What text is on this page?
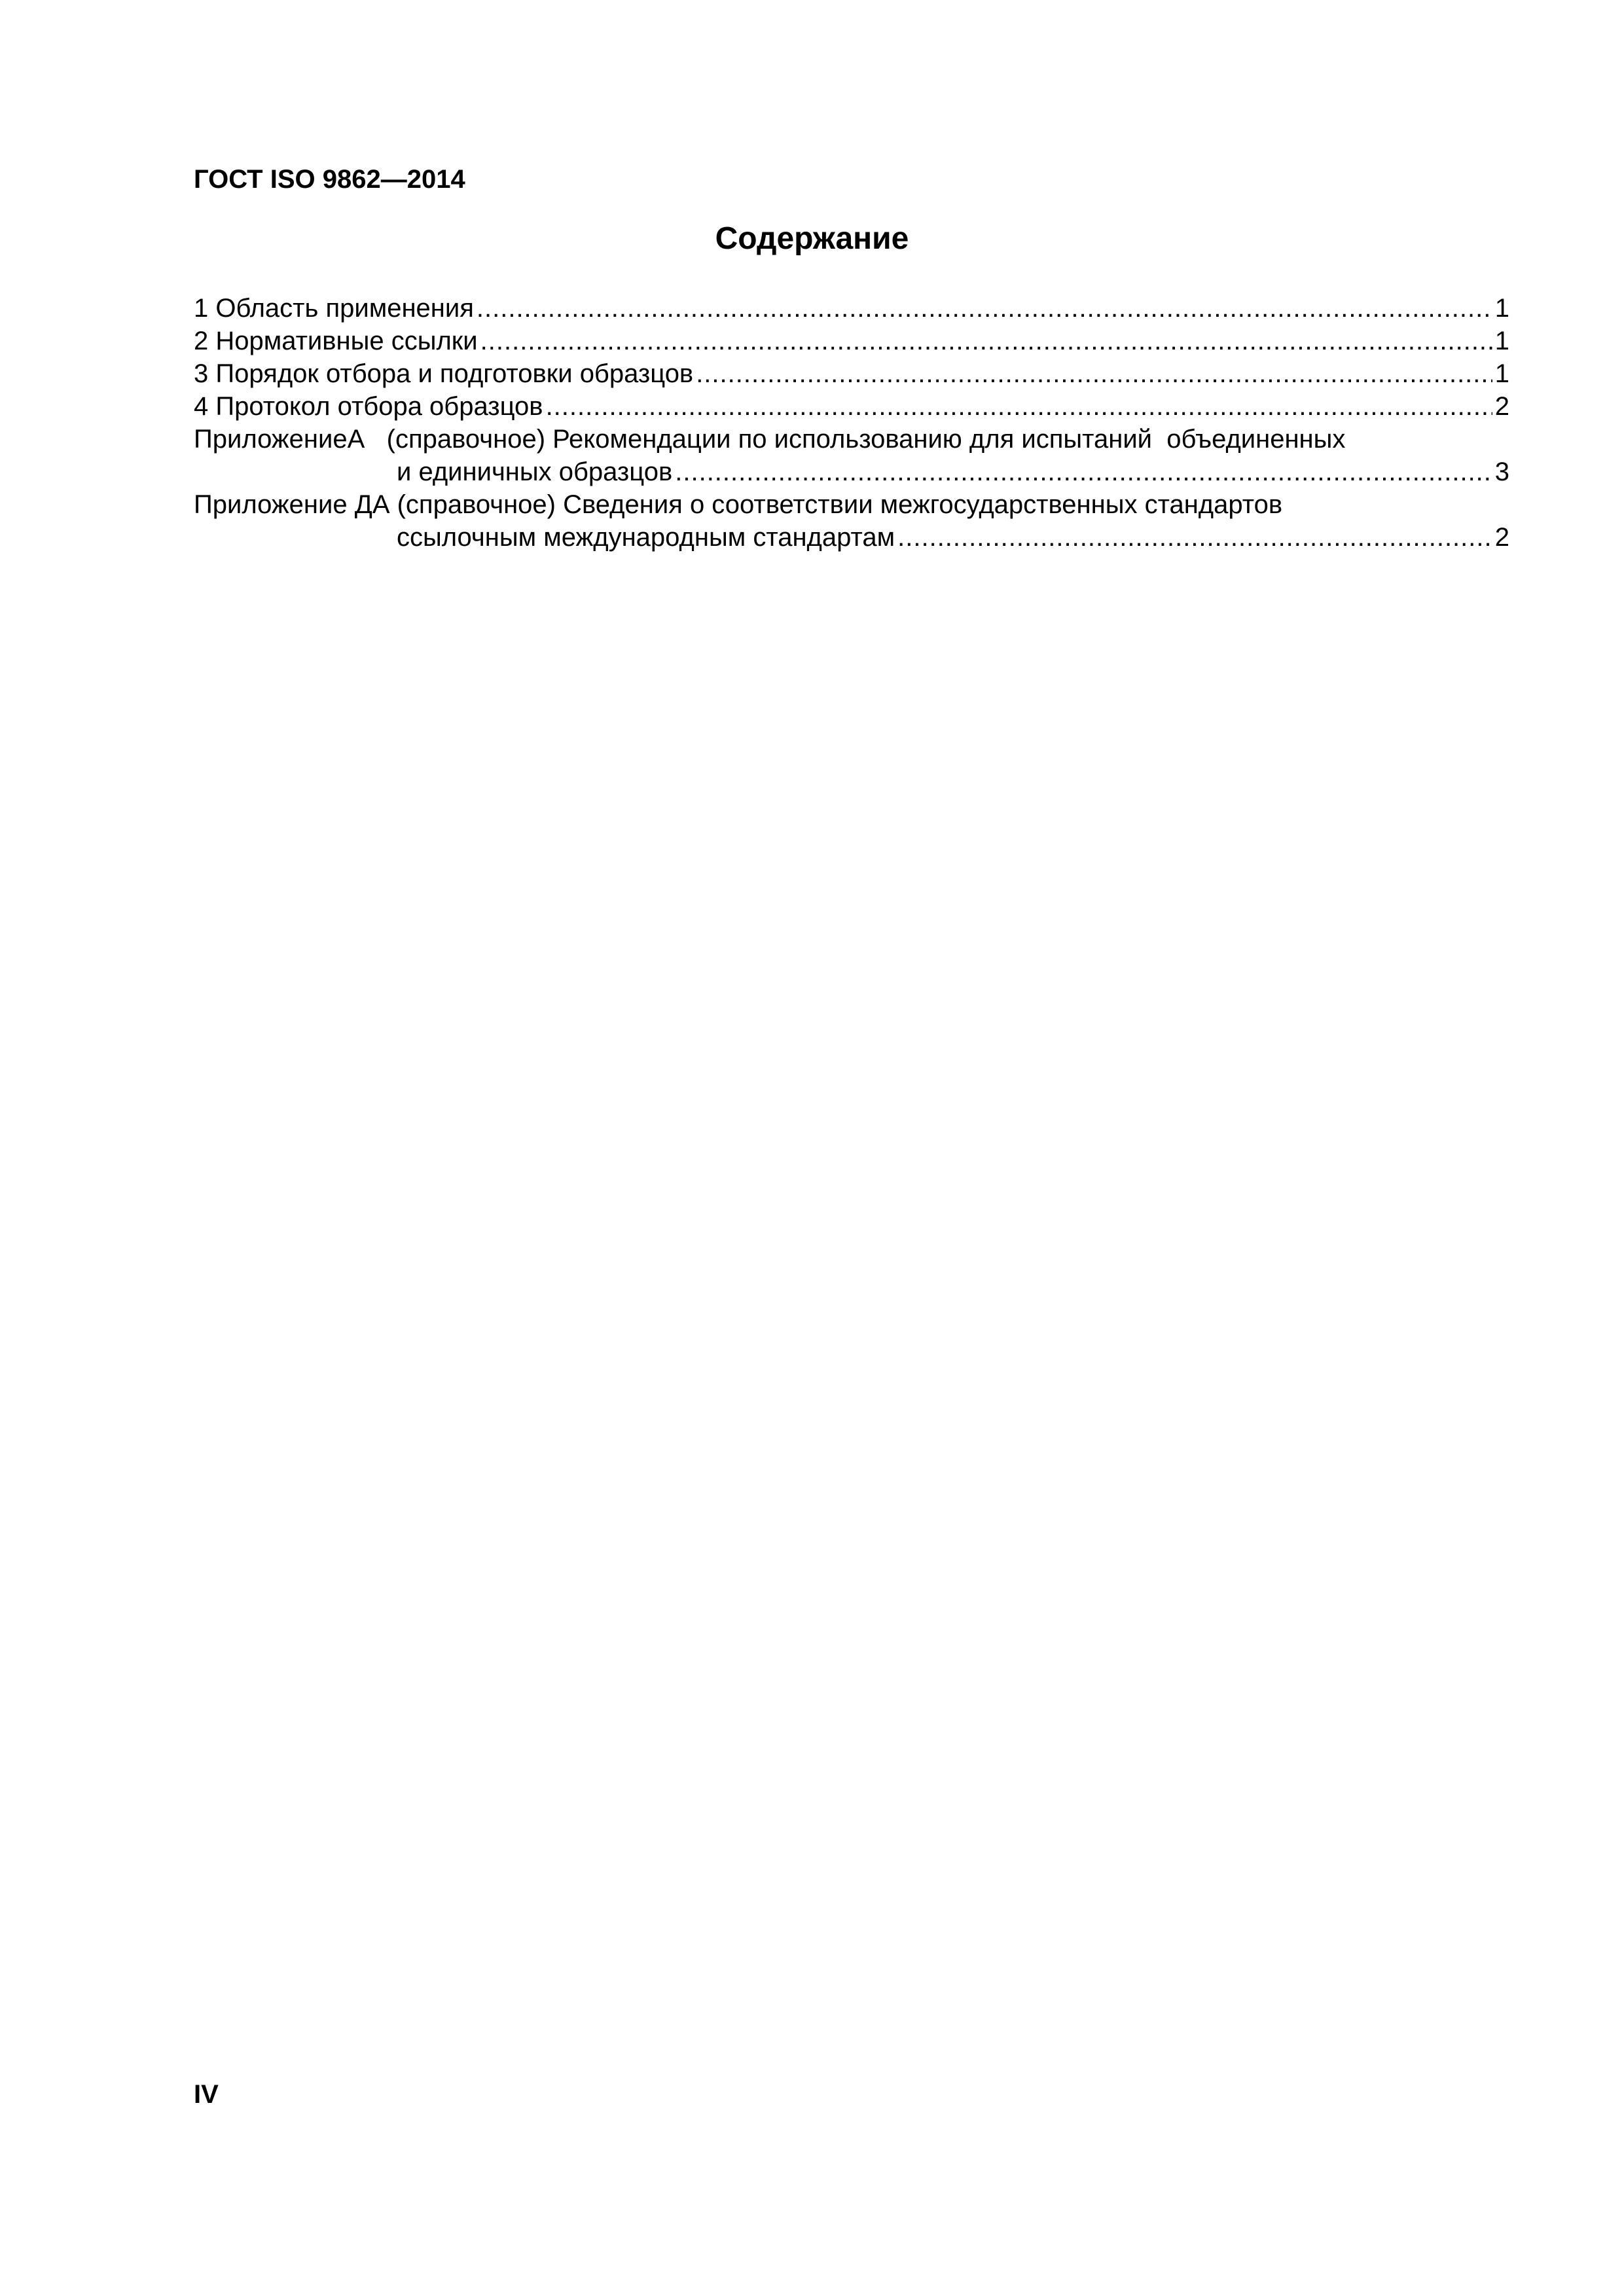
ГОСТ ISO 9862—2014
Содержание
1 Область применения .....	1
2 Нормативные ссылки .....	1
3 Порядок отбора и подготовки образцов .....	1
4 Протокол отбора образцов .....	2
ПриложениеА   (справочное) Рекомендации по использованию для испытаний  объединенных
и единичных образцов .....	3
Приложение ДА (справочное) Сведения о соответствии межгосударственных стандартов
ссылочным международным стандартам .....	2
IV
